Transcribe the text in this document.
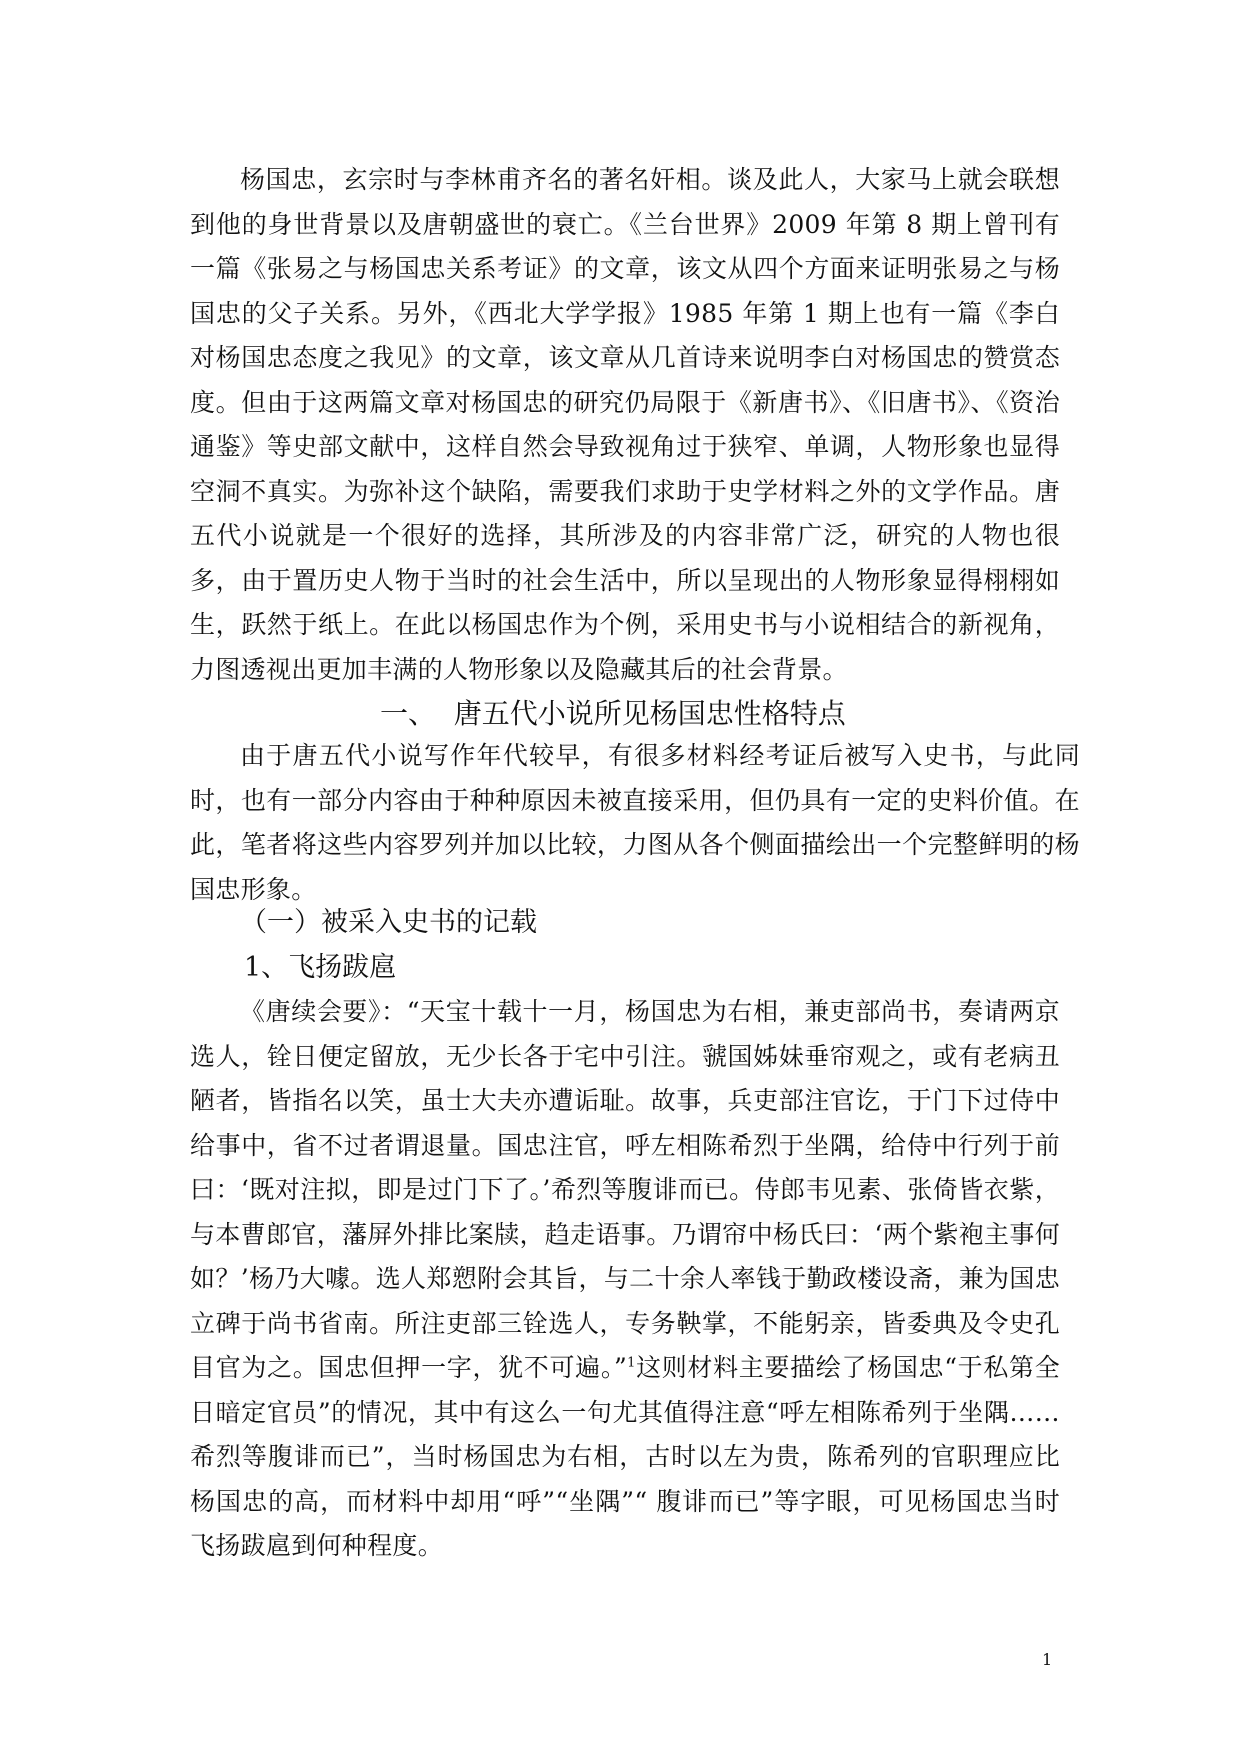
杨国忠，玄宗时与李林甫齐名的著名奸相。谈及此人，大家马上就会联想到他的身世背景以及唐朝盛世的衰亡。《兰台世界》2009 年第 8 期上曾刊有一篇《张易之与杨国忠关系考证》的文章，该文从四个方面来证明张易之与杨国忠的父子关系。另外，《西北大学学报》1985 年第 1 期上也有一篇《李白对杨国忠态度之我见》的文章，该文章从几首诗来说明李白对杨国忠的赞赏态度。但由于这两篇文章对杨国忠的研究仍局限于《新唐书》、《旧唐书》、《资治通鉴》等史部文献中，这样自然会导致视角过于狭窄、单调，人物形象也显得空洞不真实。为弥补这个缺陷，需要我们求助于史学材料之外的文学作品。唐五代小说就是一个很好的选择，其所涉及的内容非常广泛，研究的人物也很多，由于置历史人物于当时的社会生活中，所以呈现出的人物形象显得栩栩如生，跃然于纸上。在此以杨国忠作为个例，采用史书与小说相结合的新视角，力图透视出更加丰满的人物形象以及隐藏其后的社会背景。

一、  唐五代小说所见杨国忠性格特点

由于唐五代小说写作年代较早，有很多材料经考证后被写入史书，与此同时，也有一部分内容由于种种原因未被直接采用，但仍具有一定的史料价值。在此，笔者将这些内容罗列并加以比较，力图从各个侧面描绘出一个完整鲜明的杨国忠形象。

（一）被采入史书的记载
1、飞扬跋扈

《唐续会要》：“天宝十载十一月，杨国忠为右相，兼吏部尚书，奏请两京选人，铨日便定留放，无少长各于宅中引注。虢国姊妹垂帘观之，或有老病丑陋者，皆指名以笑，虽士大夫亦遭诟耻。故事，兵吏部注官讫，于门下过侍中给事中，省不过者谓退量。国忠注官，呼左相陈希烈于坐隅，给侍中行列于前曰：‘既对注拟，即是过门下了。’希烈等腹诽而已。侍郎韦见素、张倚皆衣紫，与本曹郎官，藩屏外排比案牍，趋走语事。乃谓帘中杨氏曰：‘两个紫袍主事何如？’杨乃大噱。选人郑愬附会其旨，与二十余人率钱于勤政楼设斋，兼为国忠立碑于尚书省南。所注吏部三铨选人，专务鞅掌，不能躬亲，皆委典及令史孔目官为之。国忠但押一字，犹不可遍。”$^1$这则材料主要描绘了杨国忠“于私第全日暗定官员”的情况，其中有这么一句尤其值得注意“呼左相陈希列于坐隅…… 希烈等腹诽而已”，当时杨国忠为右相，古时以左为贵，陈希列的官职理应比杨国忠的高，而材料中却用“呼”“坐隅”“ 腹诽而已”等字眼，可见杨国忠当时飞扬跋扈到何种程度。

1
